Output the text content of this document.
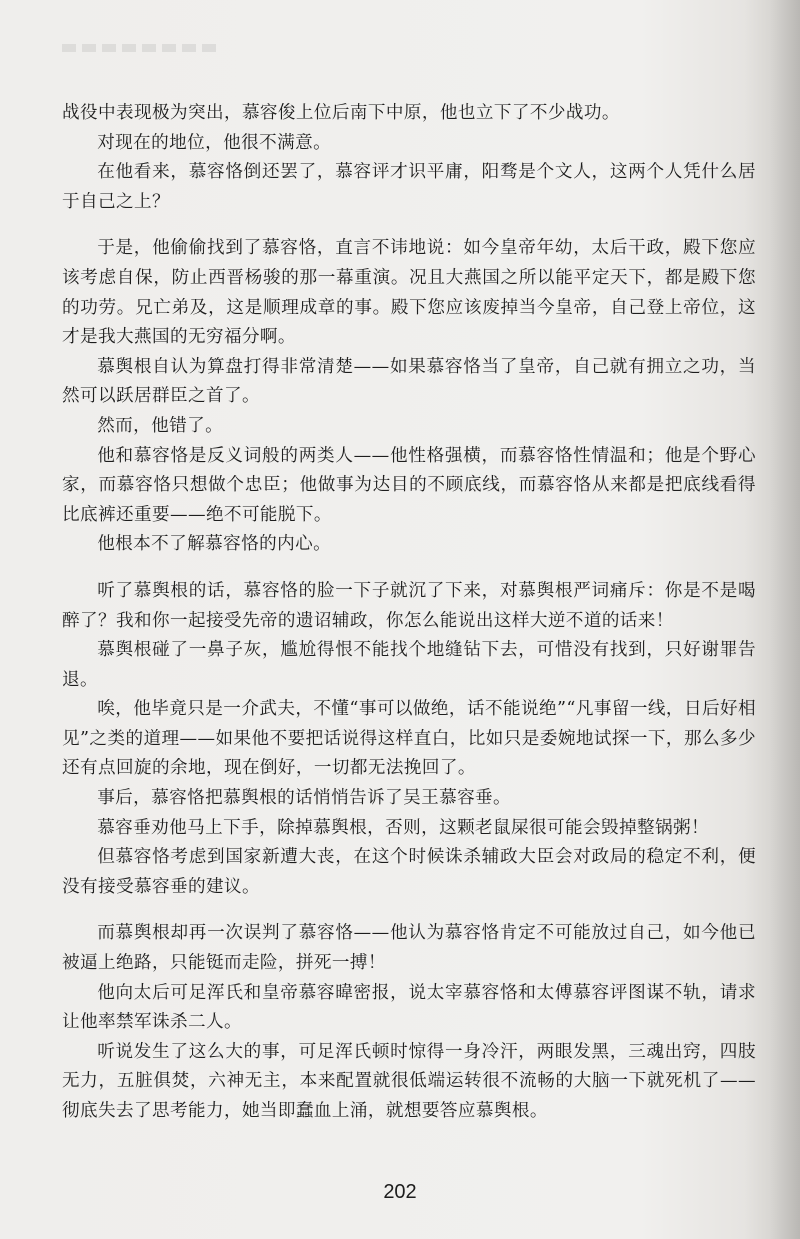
战役中表现极为突出，慕容俊上位后南下中原，他也立下了不少战功。

对现在的地位，他很不满意。

在他看来，慕容恪倒还罢了，慕容评才识平庸，阳骛是个文人，这两个人凭什么居于自己之上？

于是，他偷偷找到了慕容恪，直言不讳地说：如今皇帝年幼，太后干政，殿下您应该考虑自保，防止西晋杨骏的那一幕重演。况且大燕国之所以能平定天下，都是殿下您的功劳。兄亡弟及，这是顺理成章的事。殿下您应该废掉当今皇帝，自己登上帝位，这才是我大燕国的无穷福分啊。

慕舆根自认为算盘打得非常清楚——如果慕容恪当了皇帝，自己就有拥立之功，当然可以跃居群臣之首了。

然而，他错了。

他和慕容恪是反义词般的两类人——他性格强横，而慕容恪性情温和；他是个野心家，而慕容恪只想做个忠臣；他做事为达目的不顾底线，而慕容恪从来都是把底线看得比底裤还重要——绝不可能脱下。

他根本不了解慕容恪的内心。

听了慕舆根的话，慕容恪的脸一下子就沉了下来，对慕舆根严词痛斥：你是不是喝醉了？我和你一起接受先帝的遗诏辅政，你怎么能说出这样大逆不道的话来！

慕舆根碰了一鼻子灰，尴尬得恨不能找个地缝钻下去，可惜没有找到，只好谢罪告退。

唉，他毕竟只是一介武夫，不懂“事可以做绝，话不能说绝”“凡事留一线，日后好相见”之类的道理——如果他不要把话说得这样直白，比如只是委婉地试探一下，那么多少还有点回旋的余地，现在倒好，一切都无法挽回了。

事后，慕容恪把慕舆根的话悄悄告诉了吴王慕容垂。

慕容垂劝他马上下手，除掉慕舆根，否则，这颗老鼠屎很可能会毁掉整锅粥！

但慕容恪考虑到国家新遭大丧，在这个时候诛杀辅政大臣会对政局的稳定不利，便没有接受慕容垂的建议。

而慕舆根却再一次误判了慕容恪——他认为慕容恪肯定不可能放过自己，如今他已被逼上绝路，只能铤而走险，拼死一搏！

他向太后可足浑氏和皇帝慕容暐密报，说太宰慕容恪和太傅慕容评图谋不轨，请求让他率禁军诛杀二人。

听说发生了这么大的事，可足浑氏顿时惊得一身冷汗，两眼发黑，三魂出窍，四肢无力，五脏俱焚，六神无主，本来配置就很低端运转很不流畅的大脑一下就死机了——彻底失去了思考能力，她当即蠢血上涌，就想要答应慕舆根。

202
